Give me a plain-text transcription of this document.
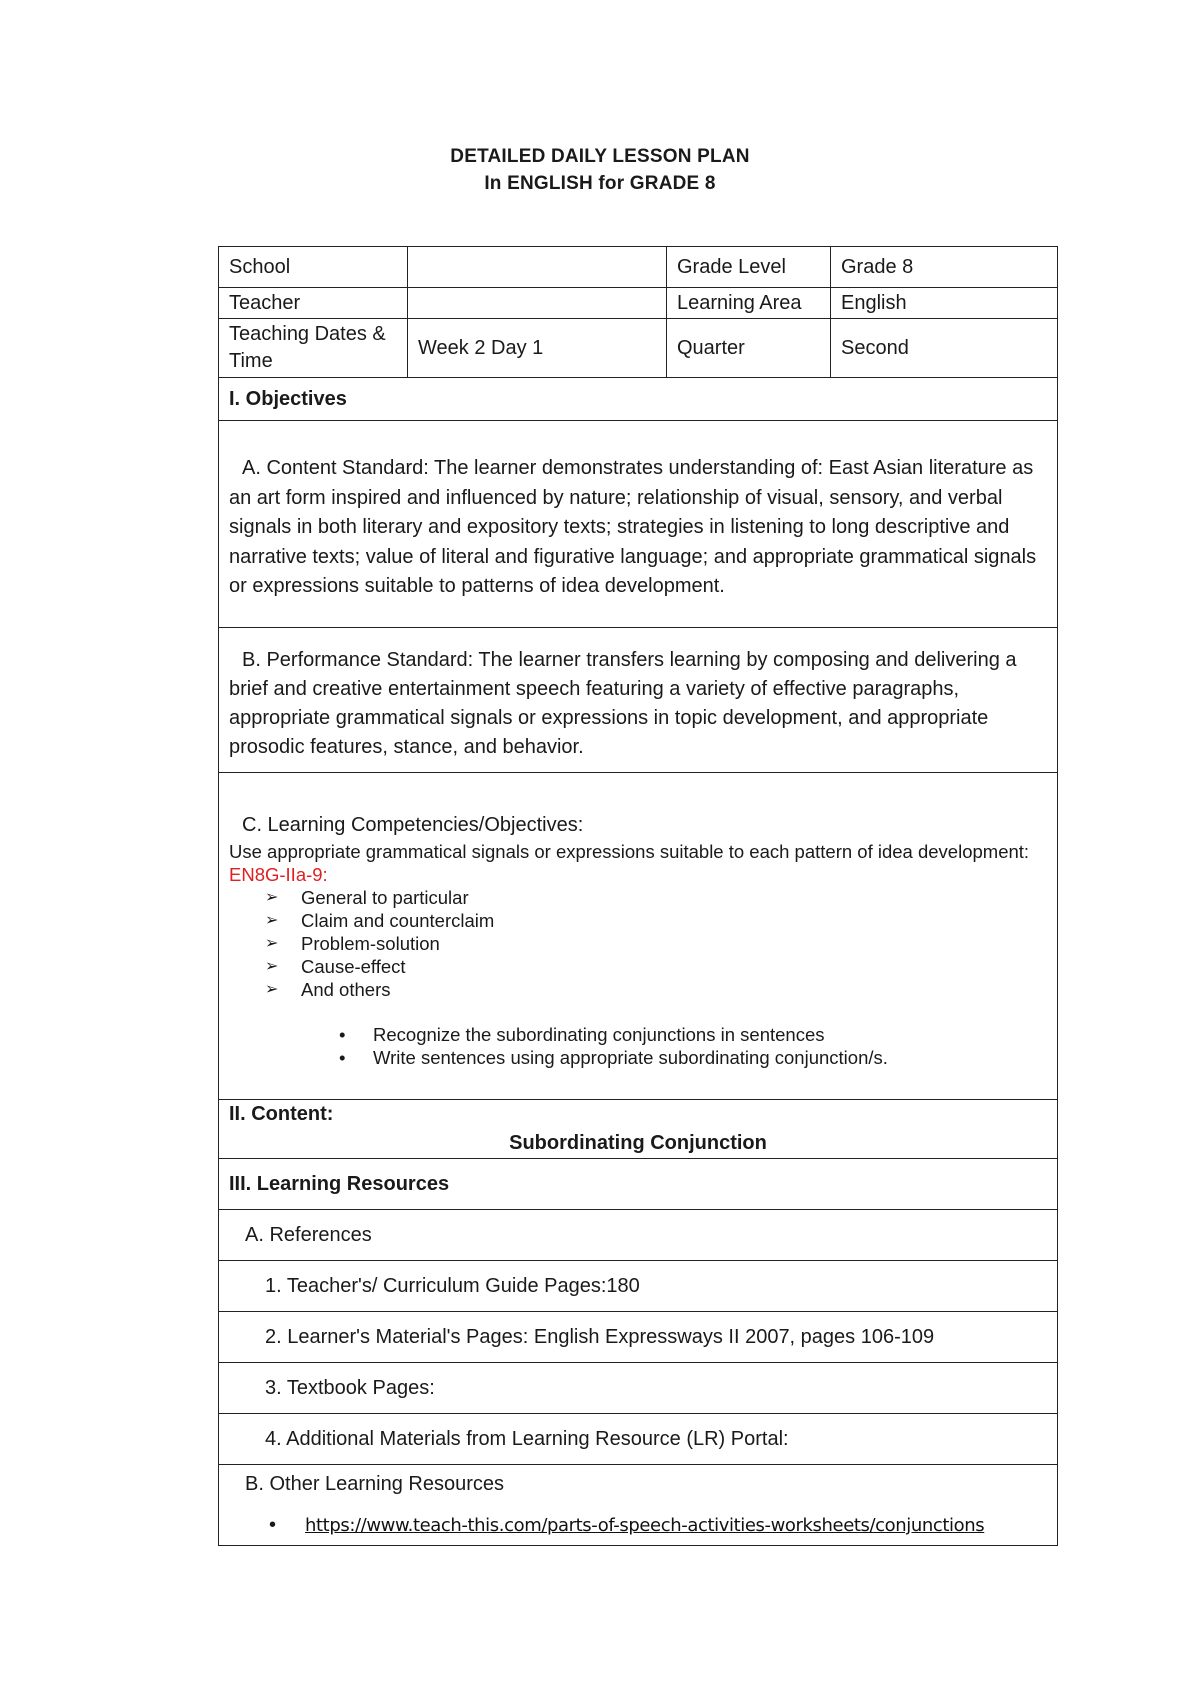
DETAILED DAILY LESSON PLAN
In ENGLISH for GRADE 8
School		Grade Level	Grade 8
Teacher		Learning Area	English
Teaching Dates & Time	Week 2 Day 1	Quarter	Second
I. Objectives			
A. Content Standard: The learner demonstrates understanding of: East Asian literature as an art form inspired and influenced by nature; relationship of visual, sensory, and verbal signals in both literary and expository texts; strategies in listening to long descriptive and narrative texts; value of literal and figurative language; and appropriate grammatical signals or expressions suitable to patterns of idea development.			
B. Performance Standard: The learner transfers learning by composing and delivering a brief and creative entertainment speech featuring a variety of effective paragraphs, appropriate grammatical signals or expressions in topic development, and appropriate prosodic features, stance, and behavior.			

C. Learning Competencies/Objectives:
Use appropriate grammatical signals or expressions suitable to each pattern of idea development: EN8G-IIa-9:
➢ General to particular
➢ Claim and counterclaim
➢ Problem-solution
➢ Cause-effect
➢ And others
• Recognize the subordinating conjunctions in sentences
• Write sentences using appropriate subordinating conjunction/s.

II. Content:
Subordinating Conjunction			

III. Learning Resources			
A. References			
1. Teacher's/ Curriculum Guide Pages:180			
2. Learner's Material's Pages: English Expressways II 2007, pages 106-109			
3. Textbook Pages:			
4. Additional Materials from Learning Resource (LR) Portal:			

B. Other Learning Resources
• https://www.teach-this.com/parts-of-speech-activities-worksheets/conjunctions			
